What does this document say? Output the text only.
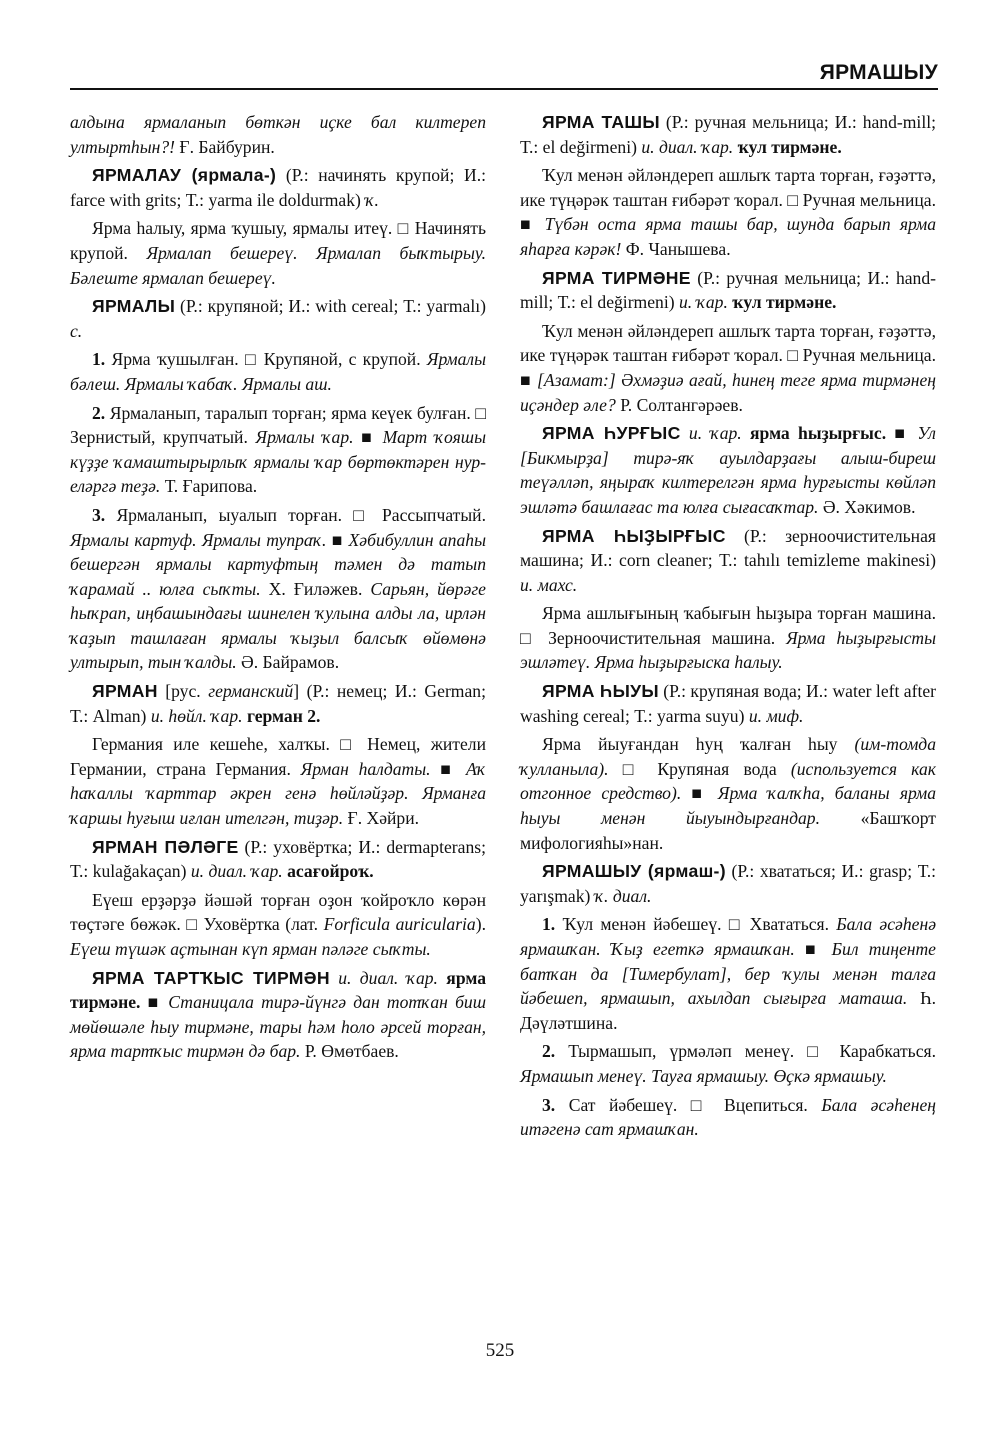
ЯРМАШЫУ

алдына ярмаланып бөткән иҫке бал килтереп ултыртһын?! Ғ. Байбурин.

ЯРМАЛАУ (ярмала-) (Р.: начинять крупой; И.: farce with grits; Т.: yarma ile doldurmak) ҡ.

Ярма һалыу, ярма ҡушыу, ярмалы итеү. □ Начинять крупой. Ярмалап бешереү. Ярмалап быҡтырыу. Бәлеште ярмалап бешереү.

ЯРМАЛЫ (Р.: крупяной; И.: with cereal; Т.: yarmalı) с.

1. Ярма ҡушылған. □ Крупяной, с крупой. Ярмалы бәлеш. Ярмалы ҡабаҡ. Ярмалы аш.

2. Ярмаланып, таралып торған; ярма кеүек булған. □ Зернистый, крупчатый. Ярмалы ҡар. ■ Март ҡояшы күҙҙе ҡамаштырырлыҡ ярмалы ҡар бөртөктәрен нур-еләргә теҙә. Т. Ғарипова.

3. Ярмаланып, ыуалып торған. □ Рассыпчатый. Ярмалы картуф. Ярмалы тупраҡ. ■ Хәбибуллин апаһы бешергән ярмалы картуфтың тәмен дә татып ҡарамай .. юлға сыҡты. Х. Ғиләжев. Сарьян, йөрәге һыҡрап, иңбашындағы шинелен ҡулына алды ла, ирлән ҡаҙып ташлаған ярмалы ҡыҙыл балсыҡ өйөмөнә ултырып, тын ҡалды. Ә. Байрамов.

ЯРМАН [рус. германский] (Р.: немец; И.: German; Т.: Alman) и. һөйл. ҡар. герман 2.

Германия иле кешеһе, халҡы. □ Немец, жители Германии, страна Германия. Ярман һалдаты. ■ Аҡ һаҡаллы ҡарттар әкрен генә һөйләйҙәр. Ярманға ҡаршы һуғыш иғлан ителгән, тиҙәр. Ғ. Хәйри.

ЯРМАН ПӘЛӘГЕ (Р.: уховёртка; И.: dermapterans; Т.: kulağakaçan) и. диал. ҡар. асағойроҡ.

Еүеш ерҙәрҙә йәшәй торған оҙон ҡойроҡло көрән төҫтәге бөжәк. □ Уховёртка (лат. Forficula auricularia). Еүеш түшәк аҫтынан күп ярман пәләге сыҡты.

ЯРМА ТАРТҠЫС ТИРМӘН и. диал. ҡар. ярма тирмәне. ■ Станицала тирә-йүнгә дан тотҡан биш мөйөшәле һыу тирмәне, тары һәм һоло әрсей торған, ярма тартҡыс тирмән дә бар. Р. Өмөтбаев.

ЯРМА ТАШЫ (Р.: ручная мельница; И.: hand-mill; Т.: el değirmeni) и. диал. ҡар. ҡул тирмәне.

Ҡул менән әйләндереп ашлыҡ тарта торған, ғәҙәттә, ике түңәрәк таштан ғибәрәт ҡорал. □ Ручная мельница. ■ Түбән оста ярма ташы бар, шунда барып ярма яһарға кәрәк! Ф. Чанышева.

ЯРМА ТИРМӘНЕ (Р.: ручная мельница; И.: hand-mill; Т.: el değirmeni) и. ҡар. ҡул тирмәне.

Ҡул менән әйләндереп ашлыҡ тарта торған, ғәҙәттә, ике түңәрәк таштан ғибәрәт ҡорал. □ Ручная мельница. ■ [Азамат:] Әхмәҙиә ағай, һинең теге ярма тирмәнең иҫәндер әле? Р. Солтангәрәев.

ЯРМА ҺУРҒЫС и. ҡар. ярма һыҙырғыс. ■ Ул [Бикмырҙа] тирә-яҡ ауылдарҙағы алыш-биреш теүәлләп, яңыраҡ килтерелгән ярма һурғысты көйләп эшләтә башлағас та юлға сығасаҡтар. Ә. Хәкимов.

ЯРМА ҺЫҘЫРҒЫС (Р.: зерноочистительная машина; И.: corn cleaner; Т.: tahılı temizleme makinesi) и. махс.

Ярма ашлығының ҡабығын һыҙыра торған машина. □ Зерноочистительная машина. Ярма һыҙырғысты эшләтеү. Ярма һыҙырғыска һалыу.

ЯРМА ҺЫУЫ (Р.: крупяная вода; И.: water left after washing cereal; Т.: yarma suyu) и. миф.

Ярма йыуғандан һуң ҡалған һыу (им-томда ҡулланыла). □ Крупяная вода (используется как отгонное средство). ■ Ярма ҡалҡһа, баланы ярма һыуы менән йыуындырғандар. «Башҡорт мифологияһы»нан.

ЯРМАШЫУ (ярмаш-) (Р.: хвататься; И.: grasp; Т.: yarışmak) ҡ. диал.

1. Ҡул менән йәбешеү. □ Хвататься. Бала әсәһенә ярмашҡан. Ҡыҙ егеткә ярмашҡан. ■ Бил тиңенте батҡан да [Тимербулат], бер ҡулы менән талға йәбешеп, ярмашып, ахылдап сығырға маташа. Һ. Дәүләтшина.

2. Тырмашып, үрмәләп менеү. □ Карабкаться. Ярмашып менеү. Тауға ярмашыу. Өҫкә ярмашыу.

3. Сат йәбешеү. □ Вцепиться. Бала әсәһенең итәгенә сат ярмашҡан.

525
